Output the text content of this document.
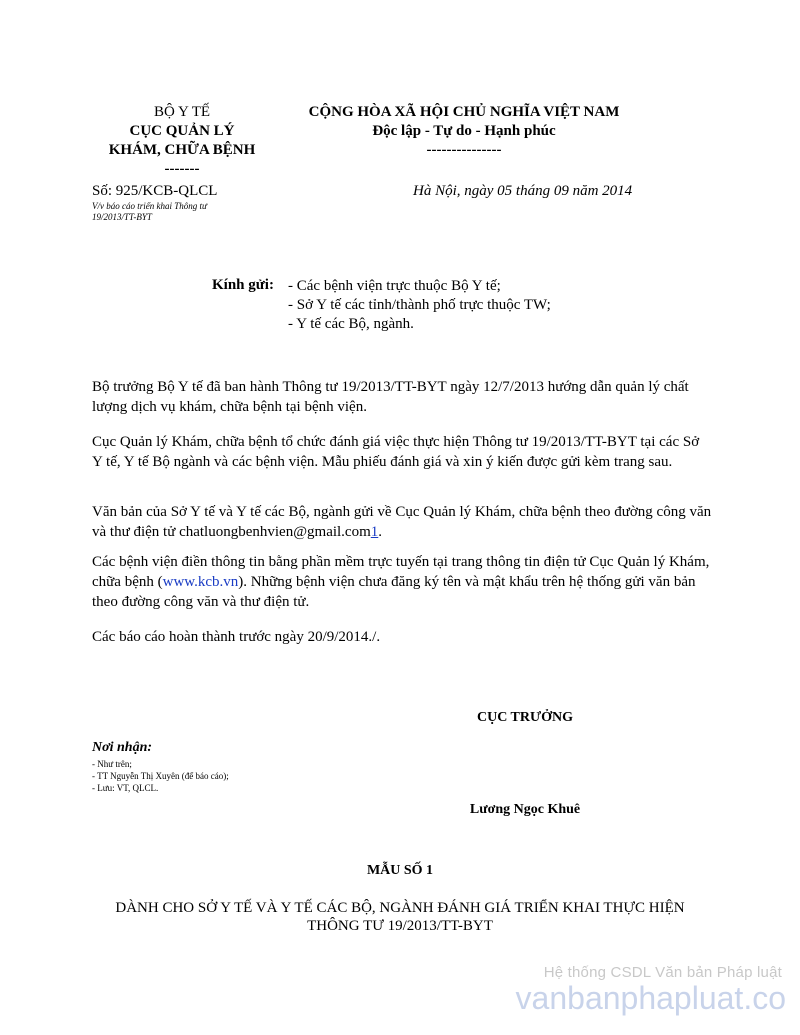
BỘ Y TẾ
CỤC QUẢN LÝ
KHÁM, CHỮA BỆNH
-------
CỘNG HÒA XÃ HỘI CHỦ NGHĨA VIỆT NAM
Độc lập - Tự do - Hạnh phúc
---------------
Số: 925/KCB-QLCL
V/v báo cáo triển khai Thông tư
19/2013/TT-BYT
Hà Nội, ngày 05 tháng 09 năm 2014
Kính gửi: - Các bệnh viện trực thuộc Bộ Y tế;
- Sở Y tế các tỉnh/thành phố trực thuộc TW;
- Y tế các Bộ, ngành.

Bộ trưởng Bộ Y tế đã ban hành Thông tư 19/2013/TT-BYT ngày 12/7/2013 hướng dẫn quản lý chất lượng dịch vụ khám, chữa bệnh tại bệnh viện.

Cục Quản lý Khám, chữa bệnh tổ chức đánh giá việc thực hiện Thông tư 19/2013/TT-BYT tại các Sở Y tế, Y tế Bộ ngành và các bệnh viện. Mẫu phiếu đánh giá và xin ý kiến được gửi kèm trang sau.

Văn bản của Sở Y tế và Y tế các Bộ, ngành gửi về Cục Quản lý Khám, chữa bệnh theo đường công văn và thư điện tử chatluongbenhvien@gmail.com1.

Các bệnh viện điền thông tin bằng phần mềm trực tuyến tại trang thông tin điện tử Cục Quản lý Khám, chữa bệnh (www.kcb.vn). Những bệnh viện chưa đăng ký tên và mật khẩu trên hệ thống gửi văn bản theo đường công văn và thư điện tử.

Các báo cáo hoàn thành trước ngày 20/9/2014./.

CỤC TRƯỞNG
Nơi nhận:
- Như trên;
- TT Nguyễn Thị Xuyên (để báo cáo);
- Lưu: VT, QLCL.
Lương Ngọc Khuê
MẪU SỐ 1
DÀNH CHO SỞ Y TẾ VÀ Y TẾ CÁC BỘ, NGÀNH ĐÁNH GIÁ TRIỂN KHAI THỰC HIỆN
THÔNG TƯ 19/2013/TT-BYT
Hệ thống CSDL Văn bản Pháp luật
vanbanphapluat.co
